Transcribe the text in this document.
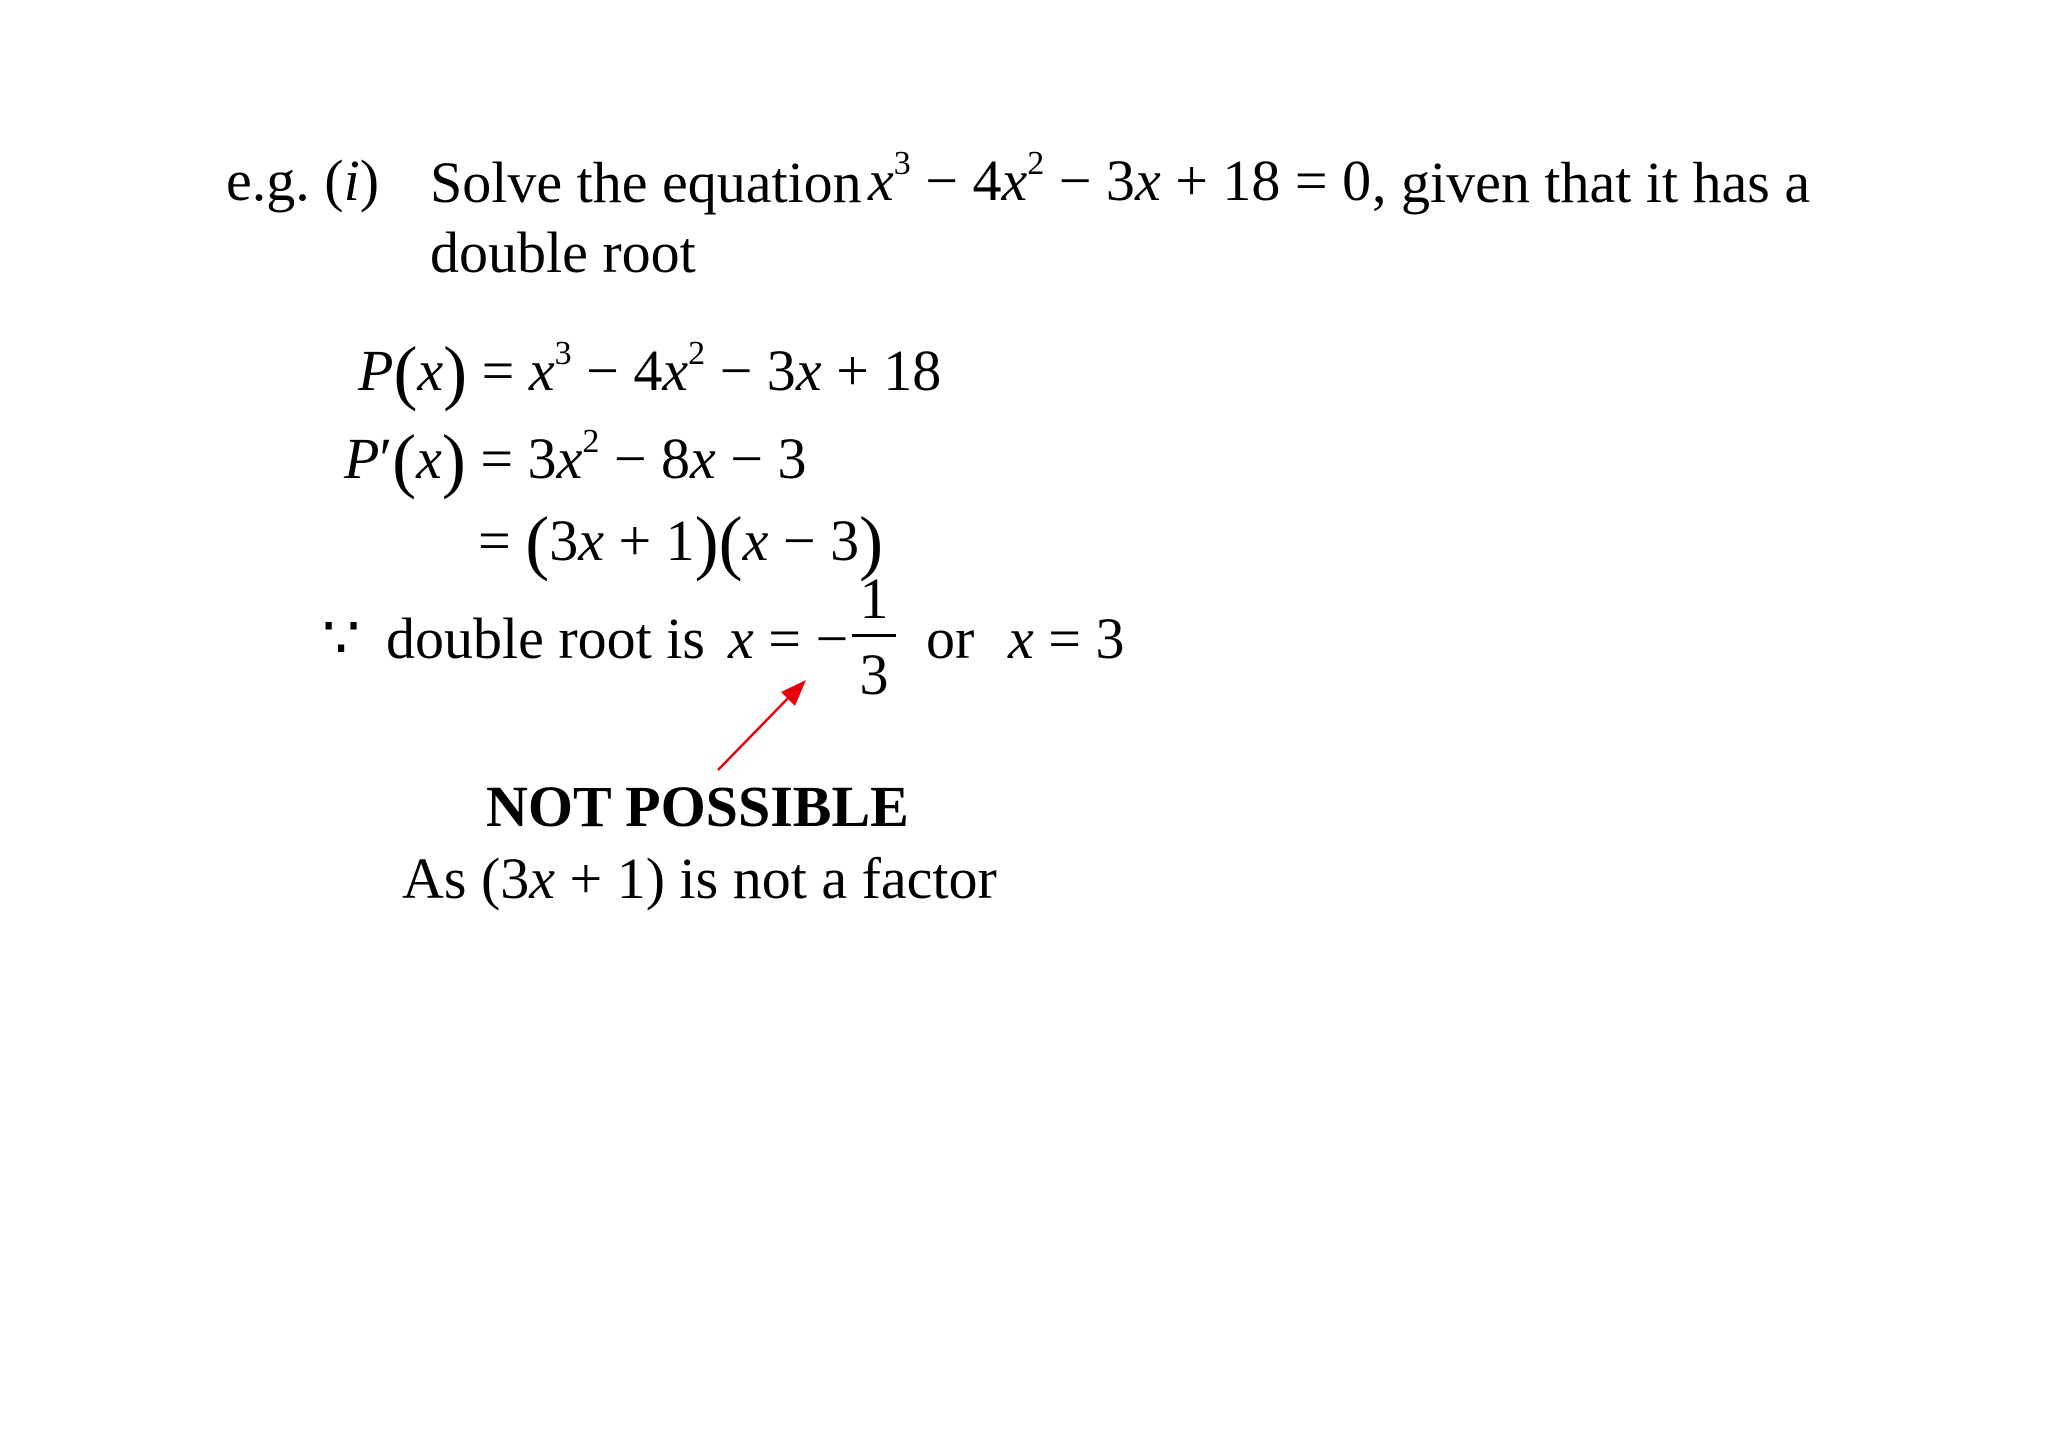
e.g. (i) Solve the equation $x^3 - 4x^2 - 3x + 18 = 0$ , given that it has a
double root
$P(x) = x^3 - 4x^2 - 3x + 18$
$P'(x) = 3x^2 - 8x - 3$
= (3x + 1)(x − 3)
∵ double root is x = −
1
3
or x = 3
NOT POSSIBLE
As (3x + 1) is not a factor
